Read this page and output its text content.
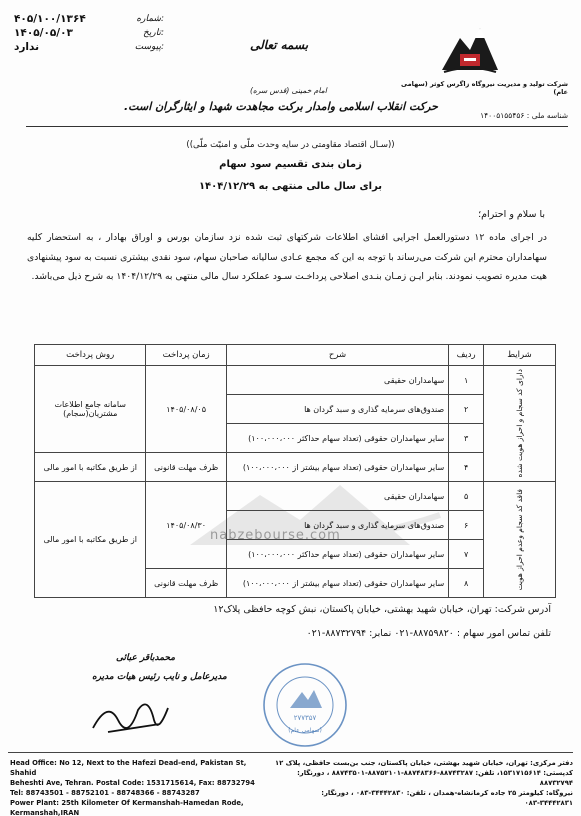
۴۰۵/۱۰۰/۱۳۶۴	شماره:
۱۴۰۵/۰۵/۰۳	تاریخ:
ندارد	پیوست:	بسمه تعالی
امام خمینی (قدس سره)
حرکت انقلاب اسلامی وامدار برکت مجاهدت شهدا و ایثارگران است.
شرکت تولید و مدیریت نیروگاه زاگرس کوثر (سهامی عام)
شناسه ملی : ۱۴۰۰۵۱۵۵۴۵۶
((سـال اقتصاد مقاومتی در سایه وحدت ملّی و امنیّت ملّی))
زمان بندی تقسیم سود سهام
برای سال مالی منتهی به ۱۴۰۴/۱۲/۲۹
با سلام و احترام؛
در اجرای ماده ۱۲ دستورالعمل اجرایی افشای اطلاعات شرکتهای ثبت شده نزد سازمان بورس و اوراق بهادار ، به استحضار کلیه سهامداران محترم این شرکت می‌رساند با توجه به این که مجمع عـادی سالیانه صاحبان سهام، سود نقدی بیشتری نسبت به سود پیشنهادی هیت مدیره تصویب نمودند. بنابر ایـن زمـان بنـدی اصلاحی پرداخـت سـود عملکرد سال مالی منتهی به ۱۴۰۴/۱۲/۲۹ به شرح ذیل می‌باشد.
nabzebourse.com
شرایط	ردیف	شرح	زمان پرداخت	روش پرداخت

دارای کد سجام و احراز هویت شده	۱	سهامداران حقیقی	۱۴۰۵/۰۸/۰۵	سامانه جامع اطلاعات مشتریان(سجام)
	۲	صندوق‌های سرمایه گذاری و سبد گردان ها		
	۳	سایر سهامداران حقوقی (تعداد سهام حداکثر ۱۰۰،۰۰۰،۰۰۰)		
	۴	سایر سهامداران حقوقی (تعداد سهام بیشتر از ۱۰۰،۰۰۰،۰۰۰)	ظرف مهلت قانونی	از طریق مکاتبه با امور مالی

فاقد کد سجام وعدم احراز هویت	۵	سهامداران حقیقی	۱۴۰۵/۰۸/۳۰	از طریق مکاتبه با امور مالی
	۶	صندوق‌های سرمایه گذاری و سبد گردان ها		
	۷	سایر سهامداران حقوقی (تعداد سهام حداکثر ۱۰۰،۰۰۰،۰۰۰)		
	۸	سایر سهامداران حقوقی (تعداد سهام بیشتر از ۱۰۰،۰۰۰،۰۰۰)	ظرف مهلت قانونی	
آدرس شرکت: تهران، خیابان شهید بهشتی، خیابان پاکستان، نبش کوچه حافظی پلاک۱۲
تلفن تماس امور سهام : ۸۸۷۵۹۸۲۰-۰۲۱ نمابر: ۸۸۷۳۲۷۹۴-۰۲۱
محمدباقر عبائی
مدیرعامل و نایب رئیس هیات مدیره
۲۷۷۳۵۷
(سهامی عام)
Head Office: No 12, Next to the Hafezi Dead-end, Pakistan St, Shahid
Beheshti Ave, Tehran. Postal Code: 1531715614, Fax: 88732794
Tel: 88743501 - 88752101 - 88748366 - 88743287
Power Plant: 25th Kilometer Of Kermanshah-Hamedan Rode, Kermanshah,IRAN
دفتر مرکزی: تهران، خیابان شهید بهشتی، خیابان پاکستان، جنب بن‌بست حافظی، پلاک ۱۲
کدپستی: ۱۵۳۱۷۱۵۶۱۴، تلفن: ۸۸۷۴۳۲۸۷-۸۸۷۴۸۳۶۶-۸۸۷۵۲۱۰۱-۸۸۷۴۳۵۰۱ ، دورنگار: ۸۸۷۳۲۷۹۴
نیروگاه: کیلومتر ۲۵ جاده کرمانشاه-همدان ، تلفن: ۳۴۴۴۲۸۳۰-۰۸۳ ، دورنگار: ۳۴۴۴۲۸۳۱-۰۸۳
